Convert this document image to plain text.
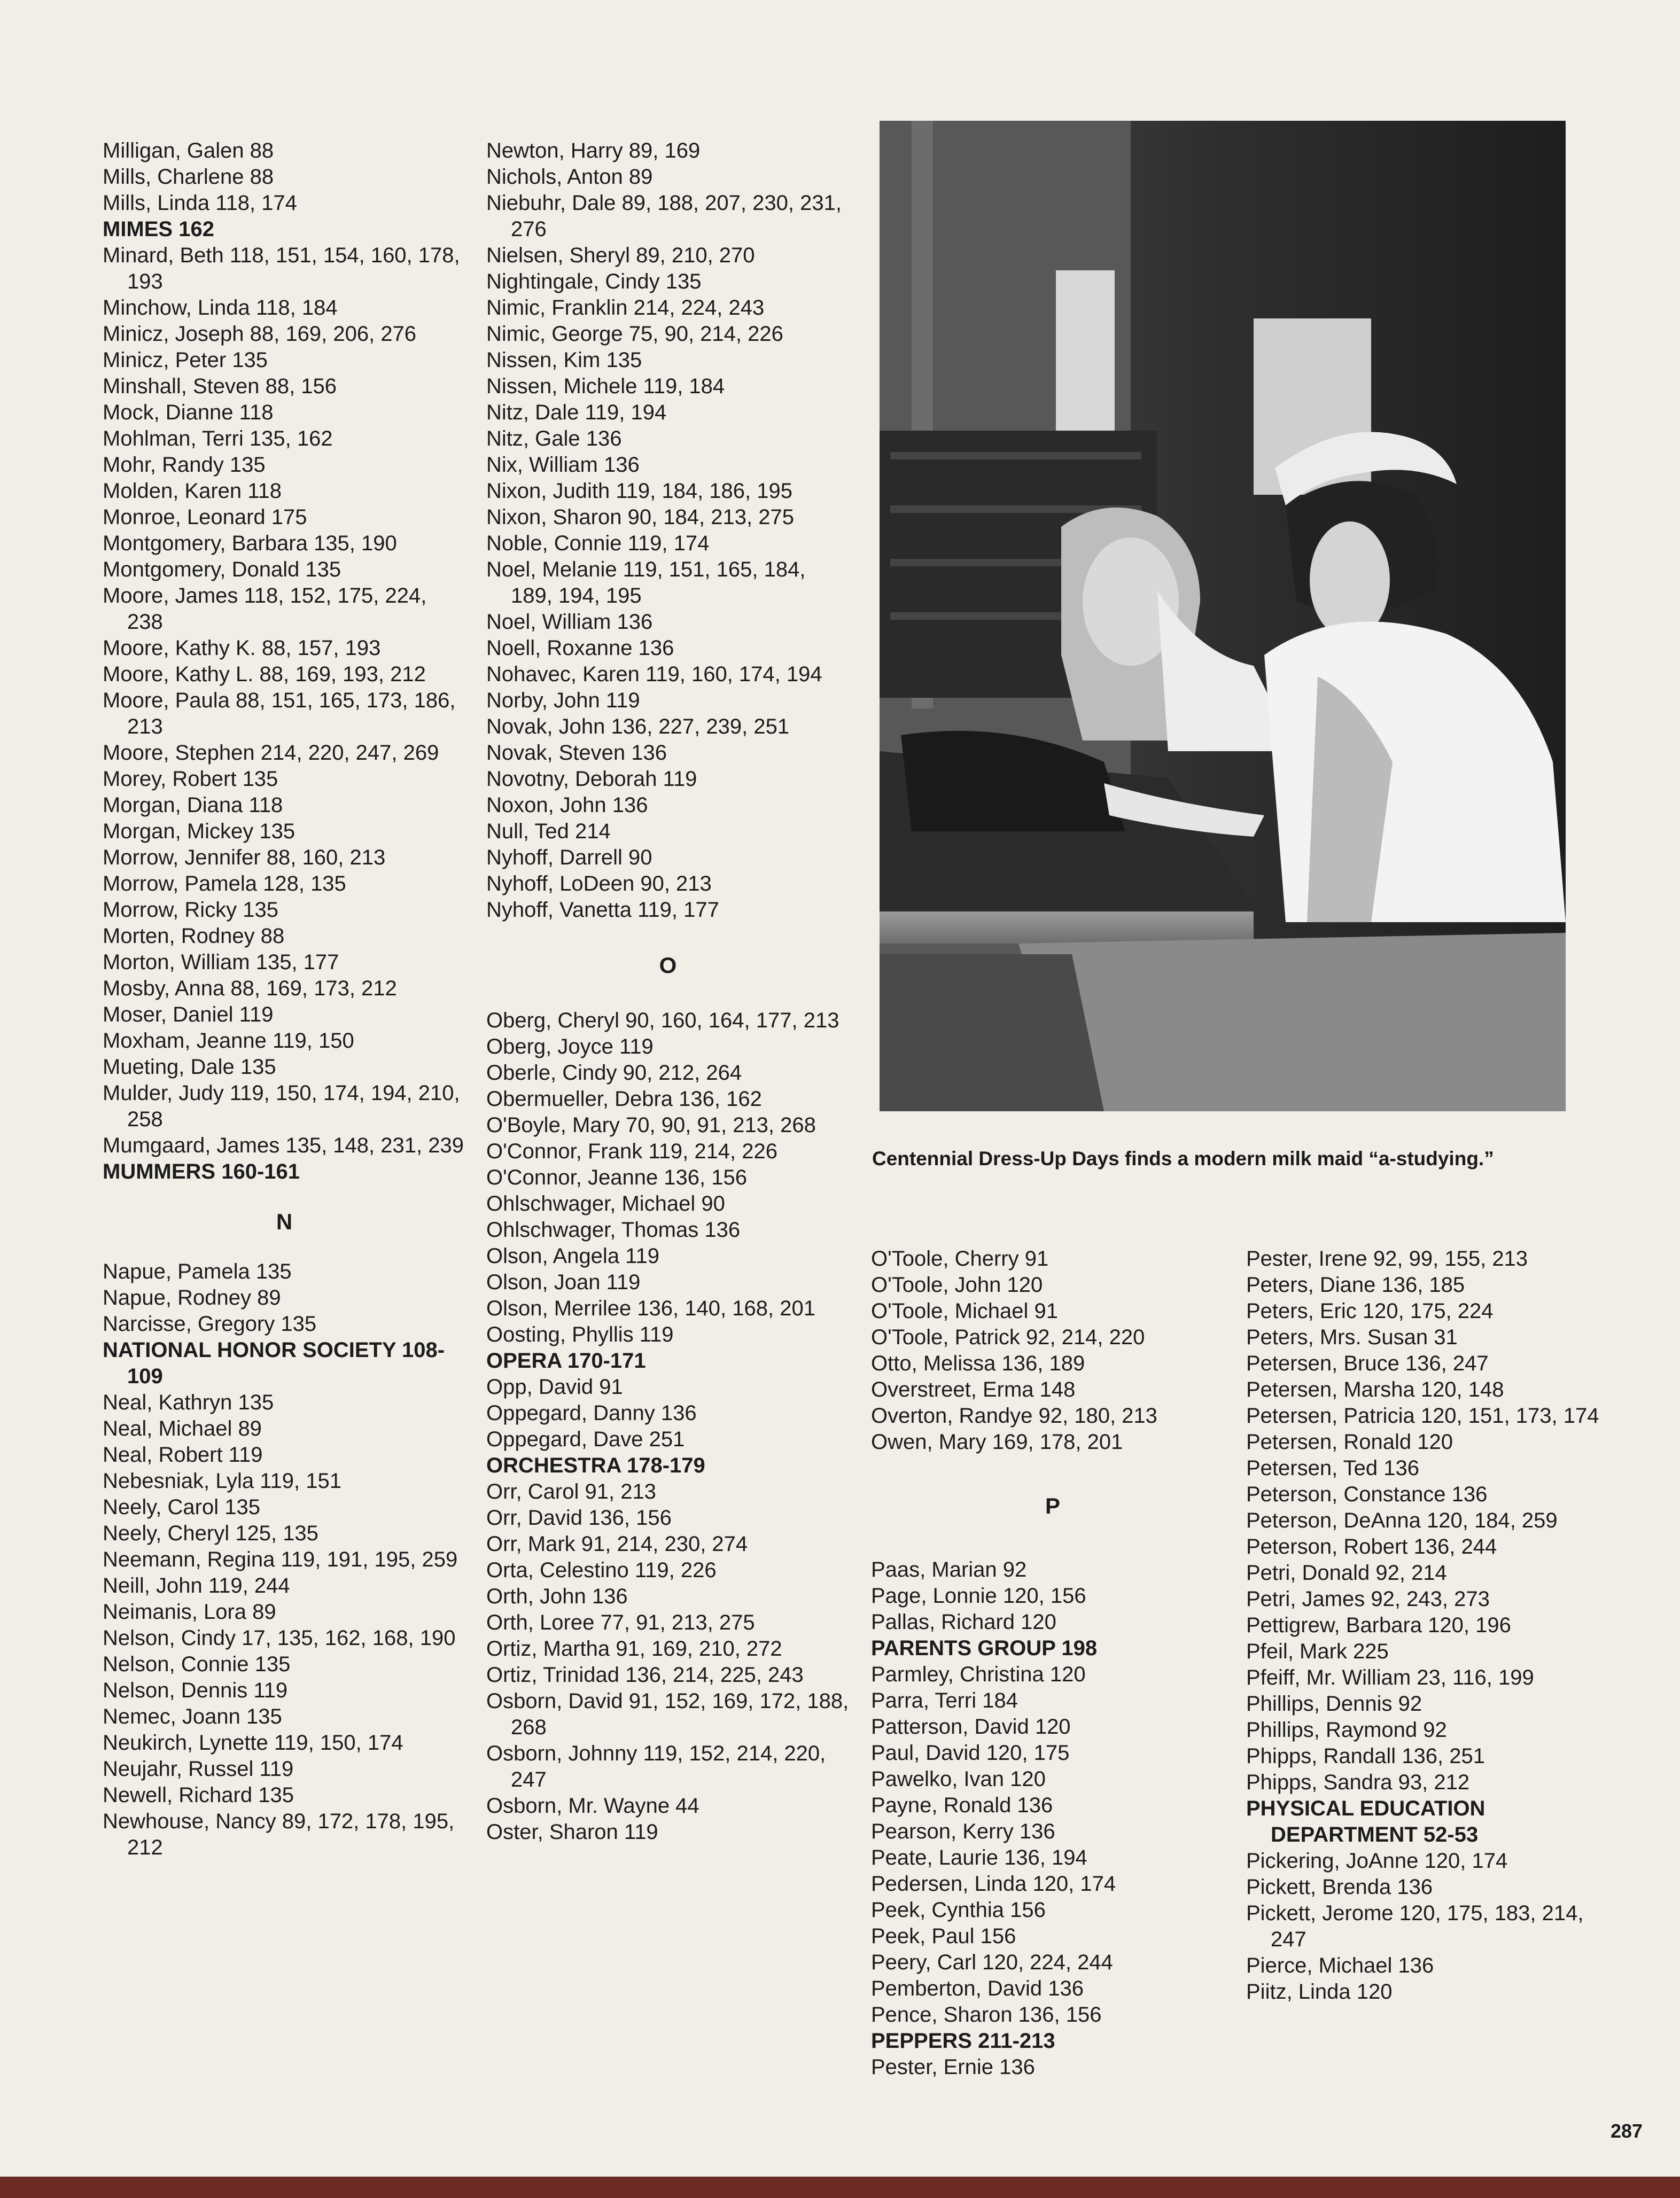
Milligan, Galen 88
Mills, Charlene 88
Mills, Linda 118, 174
MIMES 162
Minard, Beth 118, 151, 154, 160, 178, 193
Minchow, Linda 118, 184
Minicz, Joseph 88, 169, 206, 276
Minicz, Peter 135
Minshall, Steven 88, 156
Mock, Dianne 118
Mohlman, Terri 135, 162
Mohr, Randy 135
Molden, Karen 118
Monroe, Leonard 175
Montgomery, Barbara 135, 190
Montgomery, Donald 135
Moore, James 118, 152, 175, 224, 238
Moore, Kathy K. 88, 157, 193
Moore, Kathy L. 88, 169, 193, 212
Moore, Paula 88, 151, 165, 173, 186, 213
Moore, Stephen 214, 220, 247, 269
Morey, Robert 135
Morgan, Diana 118
Morgan, Mickey 135
Morrow, Jennifer 88, 160, 213
Morrow, Pamela 128, 135
Morrow, Ricky 135
Morten, Rodney 88
Morton, William 135, 177
Mosby, Anna 88, 169, 173, 212
Moser, Daniel 119
Moxham, Jeanne 119, 150
Mueting, Dale 135
Mulder, Judy 119, 150, 174, 194, 210, 258
Mumgaard, James 135, 148, 231, 239
MUMMERS 160-161
N
Napue, Pamela 135
Napue, Rodney 89
Narcisse, Gregory 135
NATIONAL HONOR SOCIETY 108-109
Neal, Kathryn 135
Neal, Michael 89
Neal, Robert 119
Nebesniak, Lyla 119, 151
Neely, Carol 135
Neely, Cheryl 125, 135
Neemann, Regina 119, 191, 195, 259
Neill, John 119, 244
Neimanis, Lora 89
Nelson, Cindy 17, 135, 162, 168, 190
Nelson, Connie 135
Nelson, Dennis 119
Nemec, Joann 135
Neukirch, Lynette 119, 150, 174
Neujahr, Russel 119
Newell, Richard 135
Newhouse, Nancy 89, 172, 178, 195, 212
Newton, Harry 89, 169
Nichols, Anton 89
Niebuhr, Dale 89, 188, 207, 230, 231, 276
Nielsen, Sheryl 89, 210, 270
Nightingale, Cindy 135
Nimic, Franklin 214, 224, 243
Nimic, George 75, 90, 214, 226
Nissen, Kim 135
Nissen, Michele 119, 184
Nitz, Dale 119, 194
Nitz, Gale 136
Nix, William 136
Nixon, Judith 119, 184, 186, 195
Nixon, Sharon 90, 184, 213, 275
Noble, Connie 119, 174
Noel, Melanie 119, 151, 165, 184, 189, 194, 195
Noel, William 136
Noell, Roxanne 136
Nohavec, Karen 119, 160, 174, 194
Norby, John 119
Novak, John 136, 227, 239, 251
Novak, Steven 136
Novotny, Deborah 119
Noxon, John 136
Null, Ted 214
Nyhoff, Darrell 90
Nyhoff, LoDeen 90, 213
Nyhoff, Vanetta 119, 177
O
Oberg, Cheryl 90, 160, 164, 177, 213
Oberg, Joyce 119
Oberle, Cindy 90, 212, 264
Obermueller, Debra 136, 162
O'Boyle, Mary 70, 90, 91, 213, 268
O'Connor, Frank 119, 214, 226
O'Connor, Jeanne 136, 156
Ohlschwager, Michael 90
Ohlschwager, Thomas 136
Olson, Angela 119
Olson, Joan 119
Olson, Merrilee 136, 140, 168, 201
Oosting, Phyllis 119
OPERA 170-171
Opp, David 91
Oppegard, Danny 136
Oppegard, Dave 251
ORCHESTRA 178-179
Orr, Carol 91, 213
Orr, David 136, 156
Orr, Mark 91, 214, 230, 274
Orta, Celestino 119, 226
Orth, John 136
Orth, Loree 77, 91, 213, 275
Ortiz, Martha 91, 169, 210, 272
Ortiz, Trinidad 136, 214, 225, 243
Osborn, David 91, 152, 169, 172, 188, 268
Osborn, Johnny 119, 152, 214, 220, 247
Osborn, Mr. Wayne 44
Oster, Sharon 119
O'Toole, Cherry 91
O'Toole, John 120
O'Toole, Michael 91
O'Toole, Patrick 92, 214, 220
Otto, Melissa 136, 189
Overstreet, Erma 148
Overton, Randye 92, 180, 213
Owen, Mary 169, 178, 201
P
Paas, Marian 92
Page, Lonnie 120, 156
Pallas, Richard 120
PARENTS GROUP 198
Parmley, Christina 120
Parra, Terri 184
Patterson, David 120
Paul, David 120, 175
Pawelko, Ivan 120
Payne, Ronald 136
Pearson, Kerry 136
Peate, Laurie 136, 194
Pedersen, Linda 120, 174
Peek, Cynthia 156
Peek, Paul 156
Peery, Carl 120, 224, 244
Pemberton, David 136
Pence, Sharon 136, 156
PEPPERS 211-213
Pester, Ernie 136
Pester, Irene 92, 99, 155, 213
Peters, Diane 136, 185
Peters, Eric 120, 175, 224
Peters, Mrs. Susan 31
Petersen, Bruce 136, 247
Petersen, Marsha 120, 148
Petersen, Patricia 120, 151, 173, 174
Petersen, Ronald 120
Petersen, Ted 136
Peterson, Constance 136
Peterson, DeAnna 120, 184, 259
Peterson, Robert 136, 244
Petri, Donald 92, 214
Petri, James 92, 243, 273
Pettigrew, Barbara 120, 196
Pfeil, Mark 225
Pfeiff, Mr. William 23, 116, 199
Phillips, Dennis 92
Phillips, Raymond 92
Phipps, Randall 136, 251
Phipps, Sandra 93, 212
PHYSICAL EDUCATION DEPARTMENT 52-53
Pickering, JoAnne 120, 174
Pickett, Brenda 136
Pickett, Jerome 120, 175, 183, 214, 247
Pierce, Michael 136
Piitz, Linda 120
Centennial Dress-Up Days finds a modern milk maid “a-studying.”
287
